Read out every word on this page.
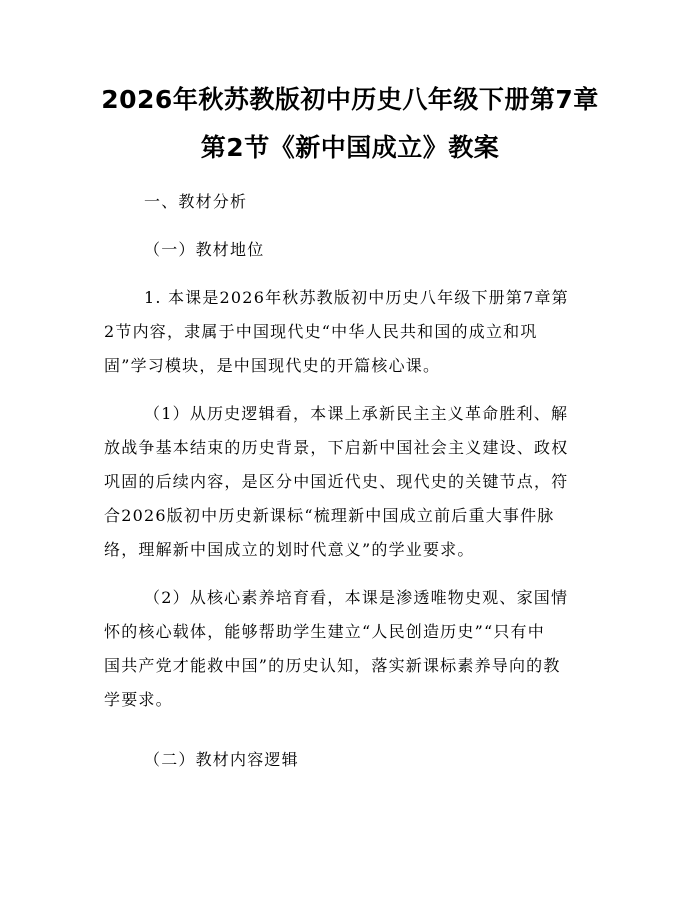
2026年秋苏教版初中历史八年级下册第7章
第2节《新中国成立》教案
一、教材分析
（一）教材地位
1. 本课是2026年秋苏教版初中历史八年级下册第7章第
2节内容，隶属于中国现代史“中华人民共和国的成立和巩
固”学习模块，是中国现代史的开篇核心课。
（1）从历史逻辑看，本课上承新民主主义革命胜利、解
放战争基本结束的历史背景，下启新中国社会主义建设、政权
巩固的后续内容，是区分中国近代史、现代史的关键节点，符
合2026版初中历史新课标“梳理新中国成立前后重大事件脉
络，理解新中国成立的划时代意义”的学业要求。
（2）从核心素养培育看，本课是渗透唯物史观、家国情
怀的核心载体，能够帮助学生建立“人民创造历史”“只有中
国共产党才能救中国”的历史认知，落实新课标素养导向的教
学要求。
（二）教材内容逻辑
